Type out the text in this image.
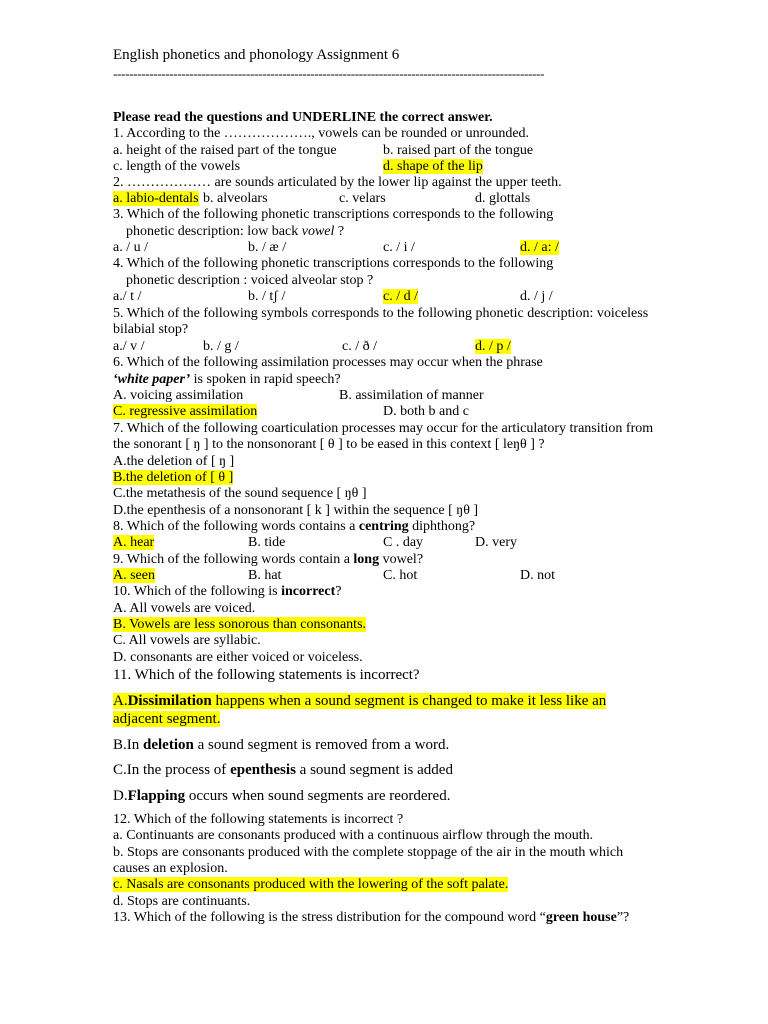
English phonetics and phonology Assignment 6
-----------------------------------------------------------------------------------------------------------
Please read the questions and UNDERLINE the correct answer.
1. According to the ………………., vowels can be rounded or unrounded.
a. height of the raised part of the tongue	b. raised part of the tongue
c. length of the vowels	d. shape of the lip
2. ……………… are sounds articulated by the lower lip against the upper teeth.
a. labio-dentals b. alveolars	c. velars	d. glottals
3. Which of the following phonetic transcriptions corresponds to the following
phonetic description: low back vowel ?
a. / u /	b. / æ /	c. / i /	d. / a: /
4. Which of the following phonetic transcriptions corresponds to the following
phonetic description : voiced alveolar stop ?
a./ t /	b. / tʃ /	c. / d /	d. / j /
5. Which of the following symbols corresponds to the following phonetic description: voiceless
bilabial stop?
a./ v /	b. / g /	c. / ð /	d. / p /
6. Which of the following assimilation processes may occur when the phrase
‘white paper’ is spoken in rapid speech?
A. voicing assimilation	B. assimilation of manner
C. regressive assimilation	D. both b and c
7. Which of the following coarticulation processes may occur for the articulatory transition from
the sonorant [ ŋ ] to the nonsonorant [ θ ] to be eased in this context [ leŋθ ] ?
A.the deletion of [ ŋ ]
B.the deletion of [ θ ]
C.the metathesis of the sound sequence [ ŋθ ]
D.the epenthesis of a nonsonorant [ k ] within the sequence [ ŋθ ]
8. Which of the following words contains a centring diphthong?
A. hear	B. tide	C . day	D. very
9. Which of the following words contain a long vowel?
A. seen	B. hat	C. hot	D. not
10. Which of the following is incorrect?
A. All vowels are voiced.
B. Vowels are less sonorous than consonants.
C. All vowels are syllabic.
D. consonants are either voiced or voiceless.
11. Which of the following statements is incorrect?
A.Dissimilation happens when a sound segment is changed to make it less like an
adjacent segment.
B.In deletion a sound segment is removed from a word.
C.In the process of epenthesis a sound segment is added
D.Flapping occurs when sound segments are reordered.
12. Which of the following statements is incorrect ?
a. Continuants are consonants produced with a continuous airflow through the mouth.
b. Stops are consonants produced with the complete stoppage of the air in the mouth which
causes an explosion.
c. Nasals are consonants produced with the lowering of the soft palate.
d. Stops are continuants.
13. Which of the following is the stress distribution for the compound word “green house”?
